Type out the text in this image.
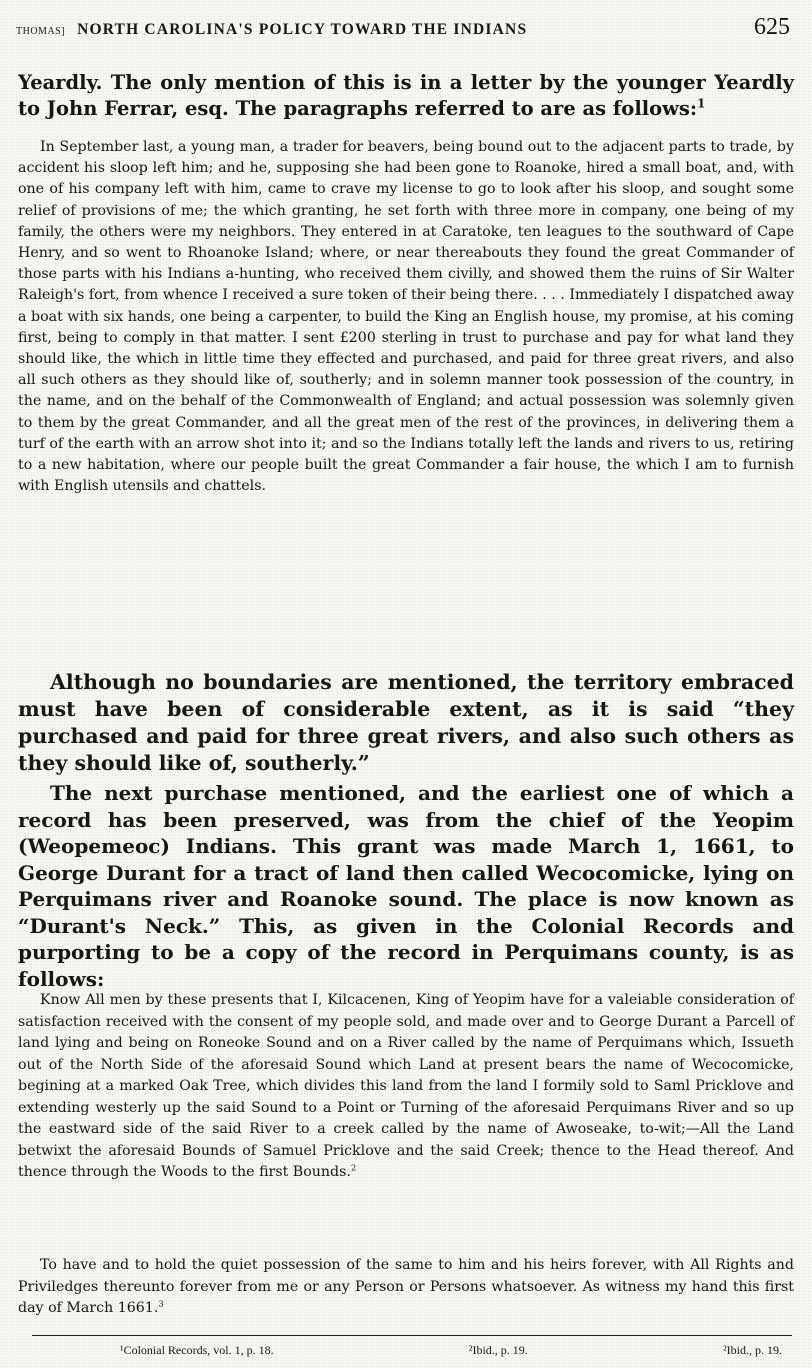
THOMAS] NORTH CAROLINA'S POLICY TOWARD THE INDIANS	625

Yeardly. The only mention of this is in a letter by the younger Yeardly to John Ferrar, esq. The paragraphs referred to are as follows:$^1$

In September last, a young man, a trader for beavers, being bound out to the adjacent parts to trade, by accident his sloop left him; and he, supposing she had been gone to Roanoke, hired a small boat, and, with one of his company left with him, came to crave my license to go to look after his sloop, and sought some relief of provisions of me; the which granting, he set forth with three more in company, one being of my family, the others were my neighbors. They entered in at Caratoke, ten leagues to the southward of Cape Henry, and so went to Rhoanoke Island; where, or near thereabouts they found the great Commander of those parts with his Indians a-hunting, who received them civilly, and showed them the ruins of Sir Walter Raleigh's fort, from whence I received a sure token of their being there. . . . Immediately I dispatched away a boat with six hands, one being a carpenter, to build the King an English house, my promise, at his coming first, being to comply in that matter. I sent £200 sterling in trust to purchase and pay for what land they should like, the which in little time they effected and purchased, and paid for three great rivers, and also all such others as they should like of, southerly; and in solemn manner took possession of the country, in the name, and on the behalf of the Commonwealth of England; and actual possession was solemnly given to them by the great Commander, and all the great men of the rest of the provinces, in delivering them a turf of the earth with an arrow shot into it; and so the Indians totally left the lands and rivers to us, retiring to a new habitation, where our people built the great Commander a fair house, the which I am to furnish with English utensils and chattels.

Although no boundaries are mentioned, the territory embraced must have been of considerable extent, as it is said “they purchased and paid for three great rivers, and also such others as they should like of, southerly.”

The next purchase mentioned, and the earliest one of which a record has been preserved, was from the chief of the Yeopim (Weopemeoc) Indians. This grant was made March 1, 1661, to George Durant for a tract of land then called Wecocomicke, lying on Perquimans river and Roanoke sound. The place is now known as “Durant's Neck.” This, as given in the Colonial Records and purporting to be a copy of the record in Perquimans county, is as follows:

Know All men by these presents that I, Kilcacenen, King of Yeopim have for a valeiable consideration of satisfaction received with the consent of my people sold, and made over and to George Durant a Parcell of land lying and being on Roneoke Sound and on a River called by the name of Perquimans which, Issueth out of the North Side of the aforesaid Sound which Land at present bears the name of Wecocomicke, begining at a marked Oak Tree, which divides this land from the land I formily sold to Saml Pricklove and extending westerly up the said Sound to a Point or Turning of the aforesaid Perquimans River and so up the eastward side of the said River to a creek called by the name of Awoseake, to-wit;—All the Land betwixt the aforesaid Bounds of Samuel Pricklove and the said Creek; thence to the Head thereof. And thence through the Woods to the first Bounds.$^2$

To have and to hold the quiet possession of the same to him and his heirs forever, with All Rights and Priviledges thereunto forever from me or any Person or Persons whatsoever. As witness my hand this first day of March 1661.$^3$

¹Colonial Records, vol. 1, p. 18.	²Ibid., p. 19.	²Ibid., p. 19.
